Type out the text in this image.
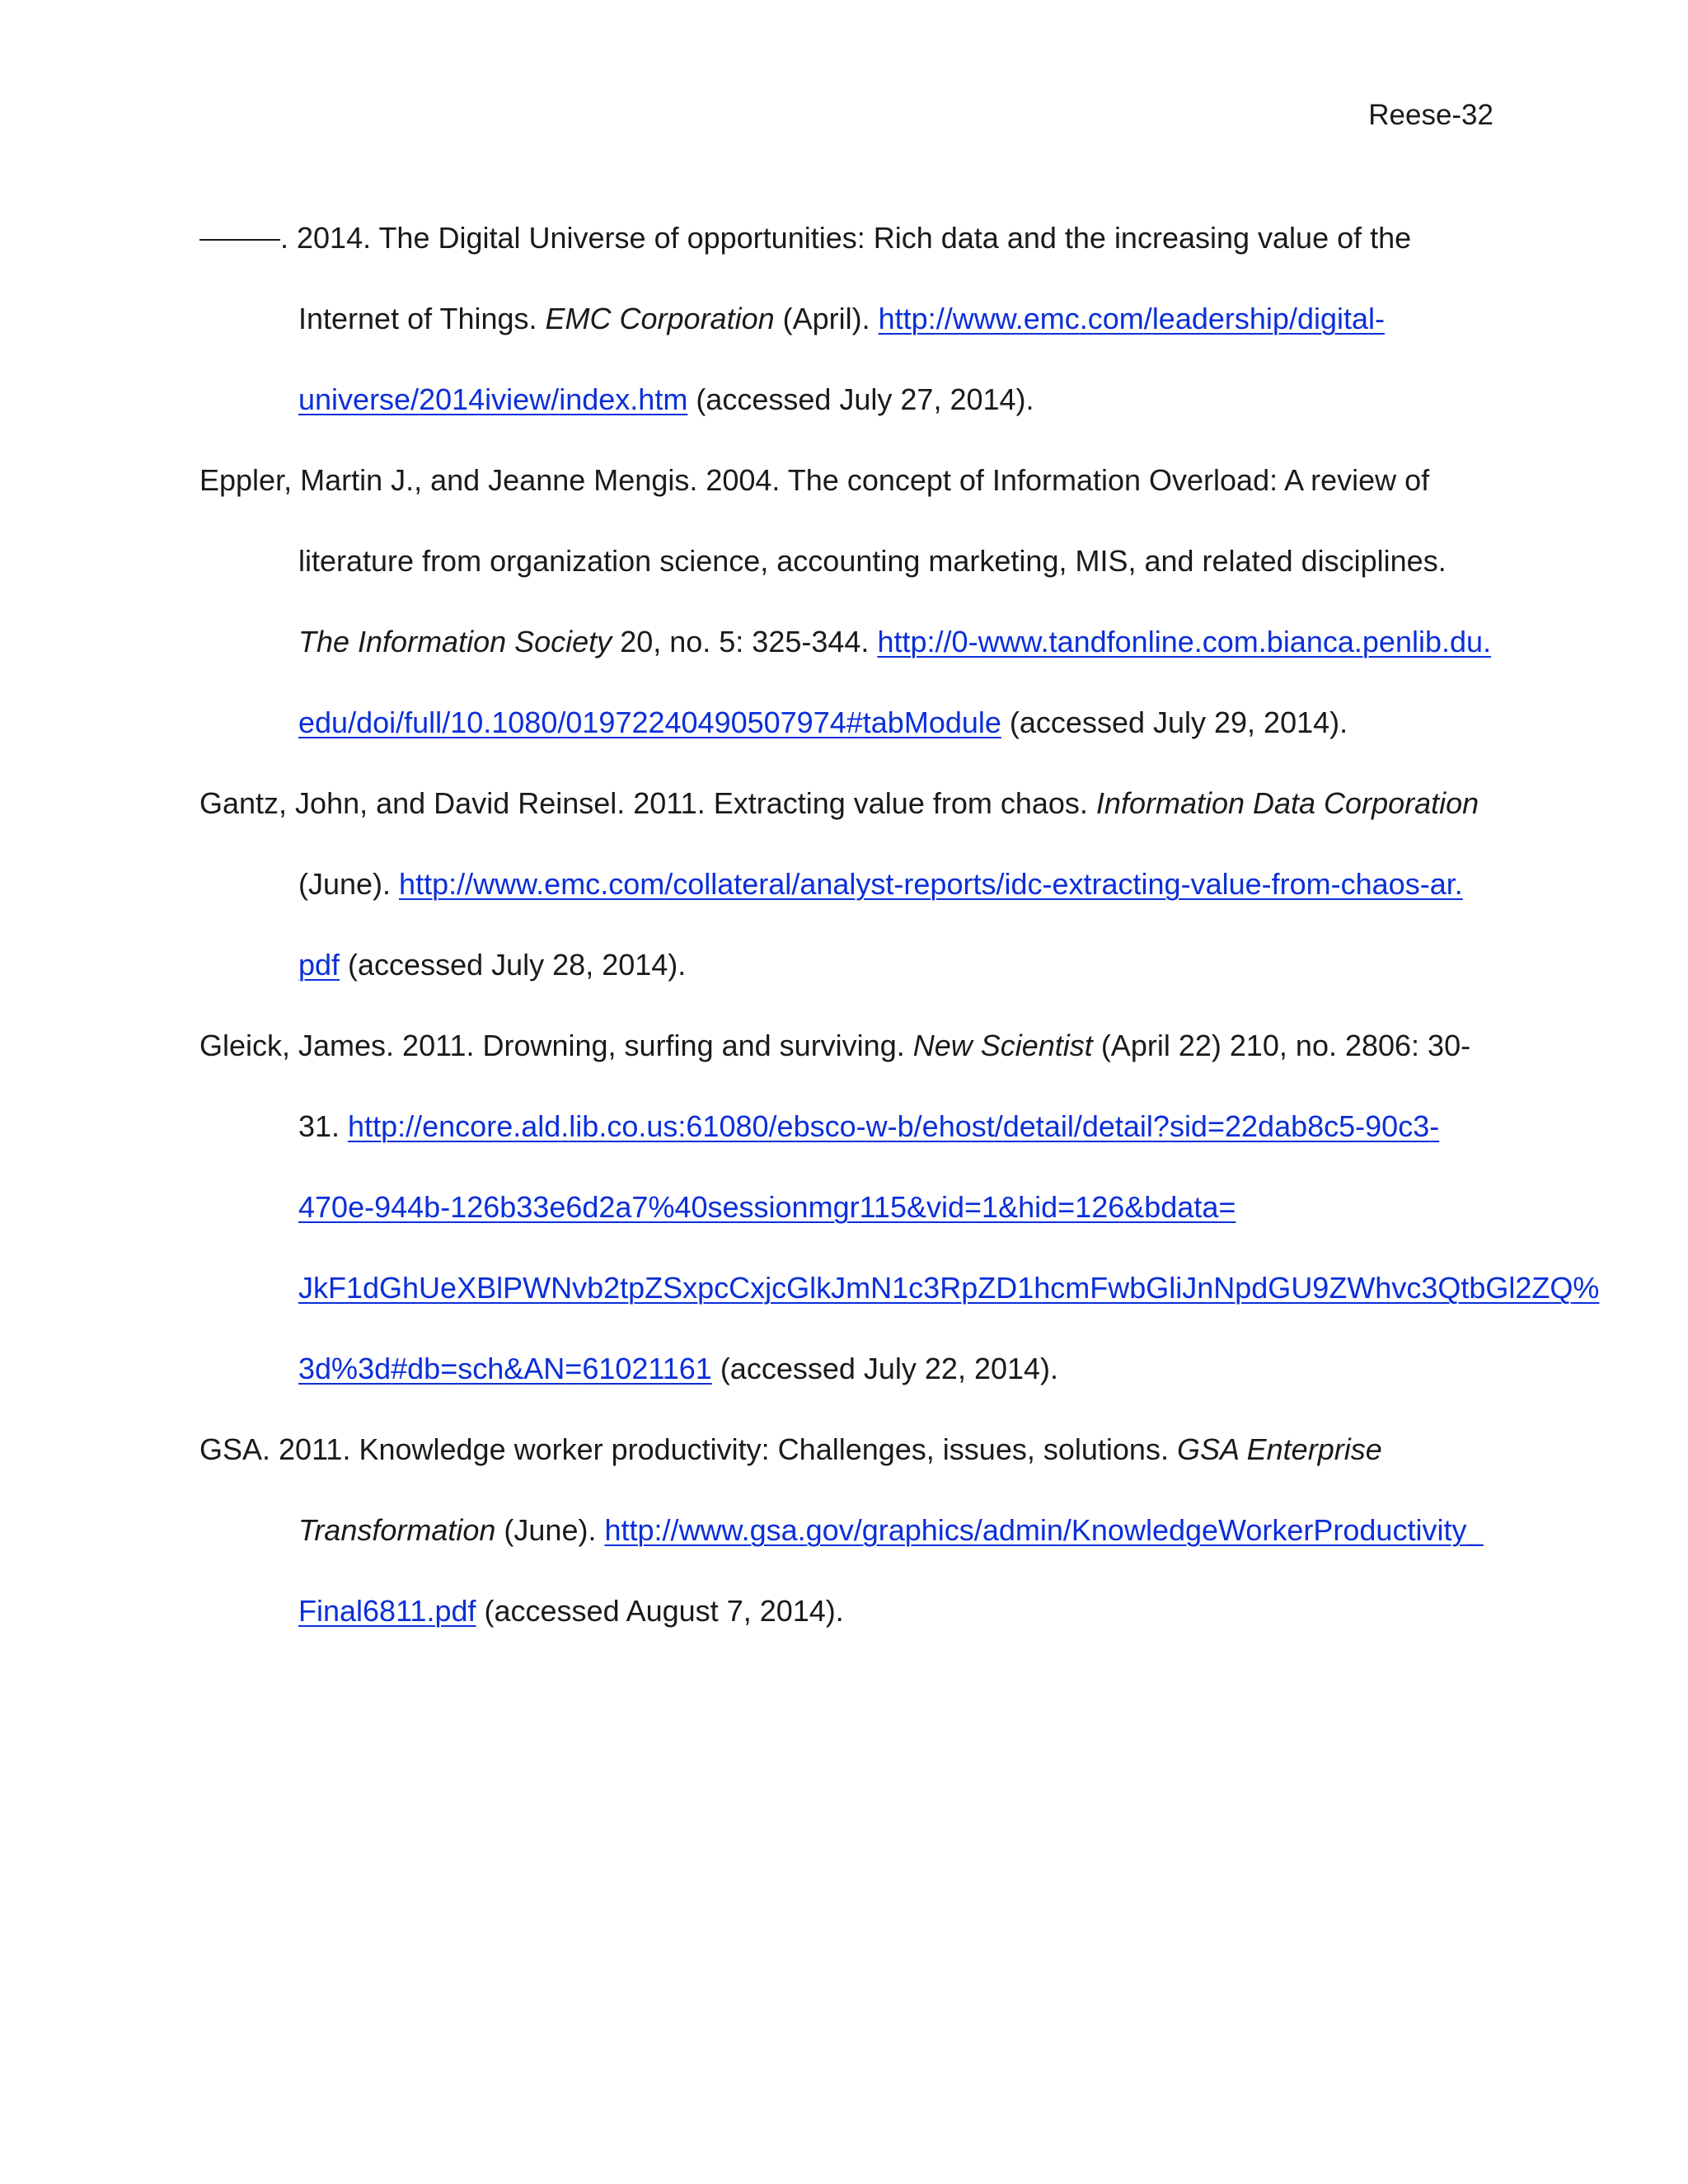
Reese-32

. 2014. The Digital Universe of opportunities: Rich data and the increasing value of the Internet of Things. EMC Corporation (April). http://www.emc.com/leadership/digital-universe/2014iview/index.htm (accessed July 27, 2014).

Eppler, Martin J., and Jeanne Mengis. 2004. The concept of Information Overload: A review of literature from organization science, accounting marketing, MIS, and related disciplines. The Information Society 20, no. 5: 325-344. http://0-www.tandfonline.com.bianca.penlib.du.edu/doi/full/10.1080/01972240490507974#tabModule (accessed July 29, 2014).

Gantz, John, and David Reinsel. 2011. Extracting value from chaos. Information Data Corporation (June). http://www.emc.com/collateral/analyst-reports/idc-extracting-value-from-chaos-ar.pdf (accessed July 28, 2014).

Gleick, James. 2011. Drowning, surfing and surviving. New Scientist (April 22) 210, no. 2806: 30-31. http://encore.ald.lib.co.us:61080/ebsco-w-b/ehost/detail/detail?sid=22dab8c5-90c3-470e-944b-126b33e6d2a7%40sessionmgr115&vid=1&hid=126&bdata=JkF1dGhUeXBlPWNvb2tpZSxpcCxjcGlkJmN1c3RpZD1hcmFwbGliJnNpdGU9ZWhvc3QtbGl2ZQ%3d%3d#db=sch&AN=61021161 (accessed July 22, 2014).

GSA. 2011. Knowledge worker productivity: Challenges, issues, solutions. GSA Enterprise Transformation (June). http://www.gsa.gov/graphics/admin/KnowledgeWorkerProductivity_Final6811.pdf (accessed August 7, 2014).
